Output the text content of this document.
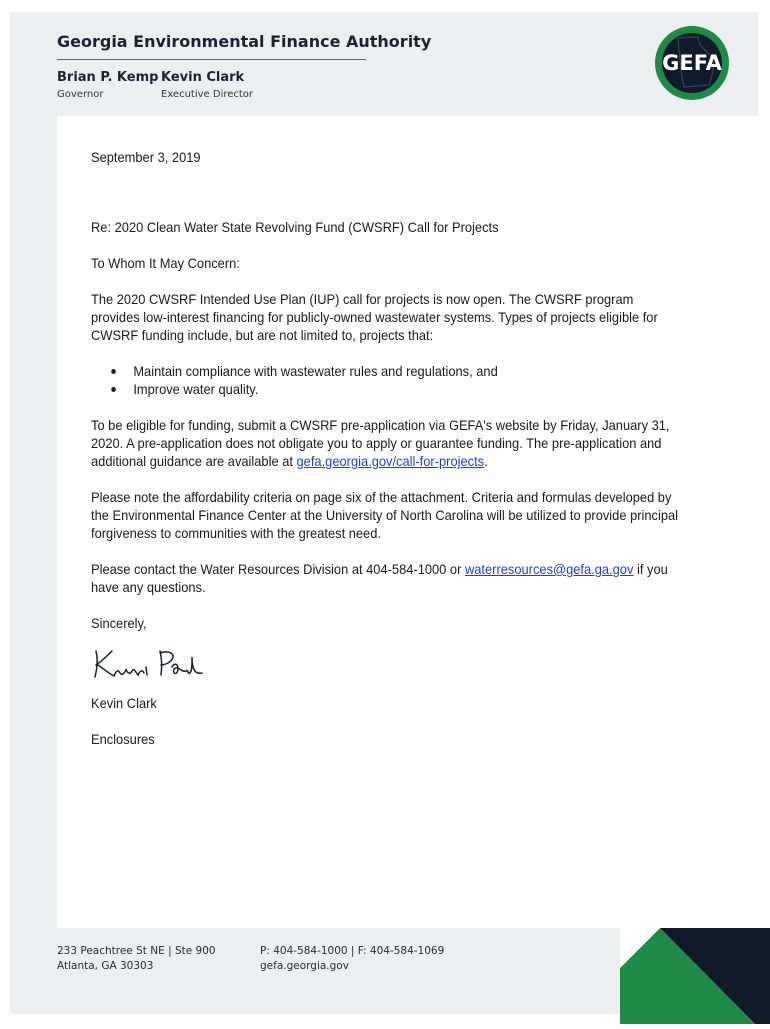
Georgia Environmental Finance Authority
Brian P. Kemp
Governor
Kevin Clark
Executive Director
GEFA

September 3, 2019

Re: 2020 Clean Water State Revolving Fund (CWSRF) Call for Projects

To Whom It May Concern:

The 2020 CWSRF Intended Use Plan (IUP) call for projects is now open. The CWSRF program provides low-interest financing for publicly-owned wastewater systems. Types of projects eligible for CWSRF funding include, but are not limited to, projects that:

Maintain compliance with wastewater rules and regulations, and
Improve water quality.

To be eligible for funding, submit a CWSRF pre-application via GEFA's website by Friday, January 31, 2020. A pre-application does not obligate you to apply or guarantee funding. The pre-application and additional guidance are available at gefa.georgia.gov/call-for-projects.

Please note the affordability criteria on page six of the attachment. Criteria and formulas developed by the Environmental Finance Center at the University of North Carolina will be utilized to provide principal forgiveness to communities with the greatest need.

Please contact the Water Resources Division at 404-584-1000 or waterresources@gefa.ga.gov if you have any questions.

Sincerely,

Kevin Clark

Enclosures

233 Peachtree St NE | Ste 900
Atlanta, GA 30303
P: 404-584-1000 | F: 404-584-1069
gefa.georgia.gov
